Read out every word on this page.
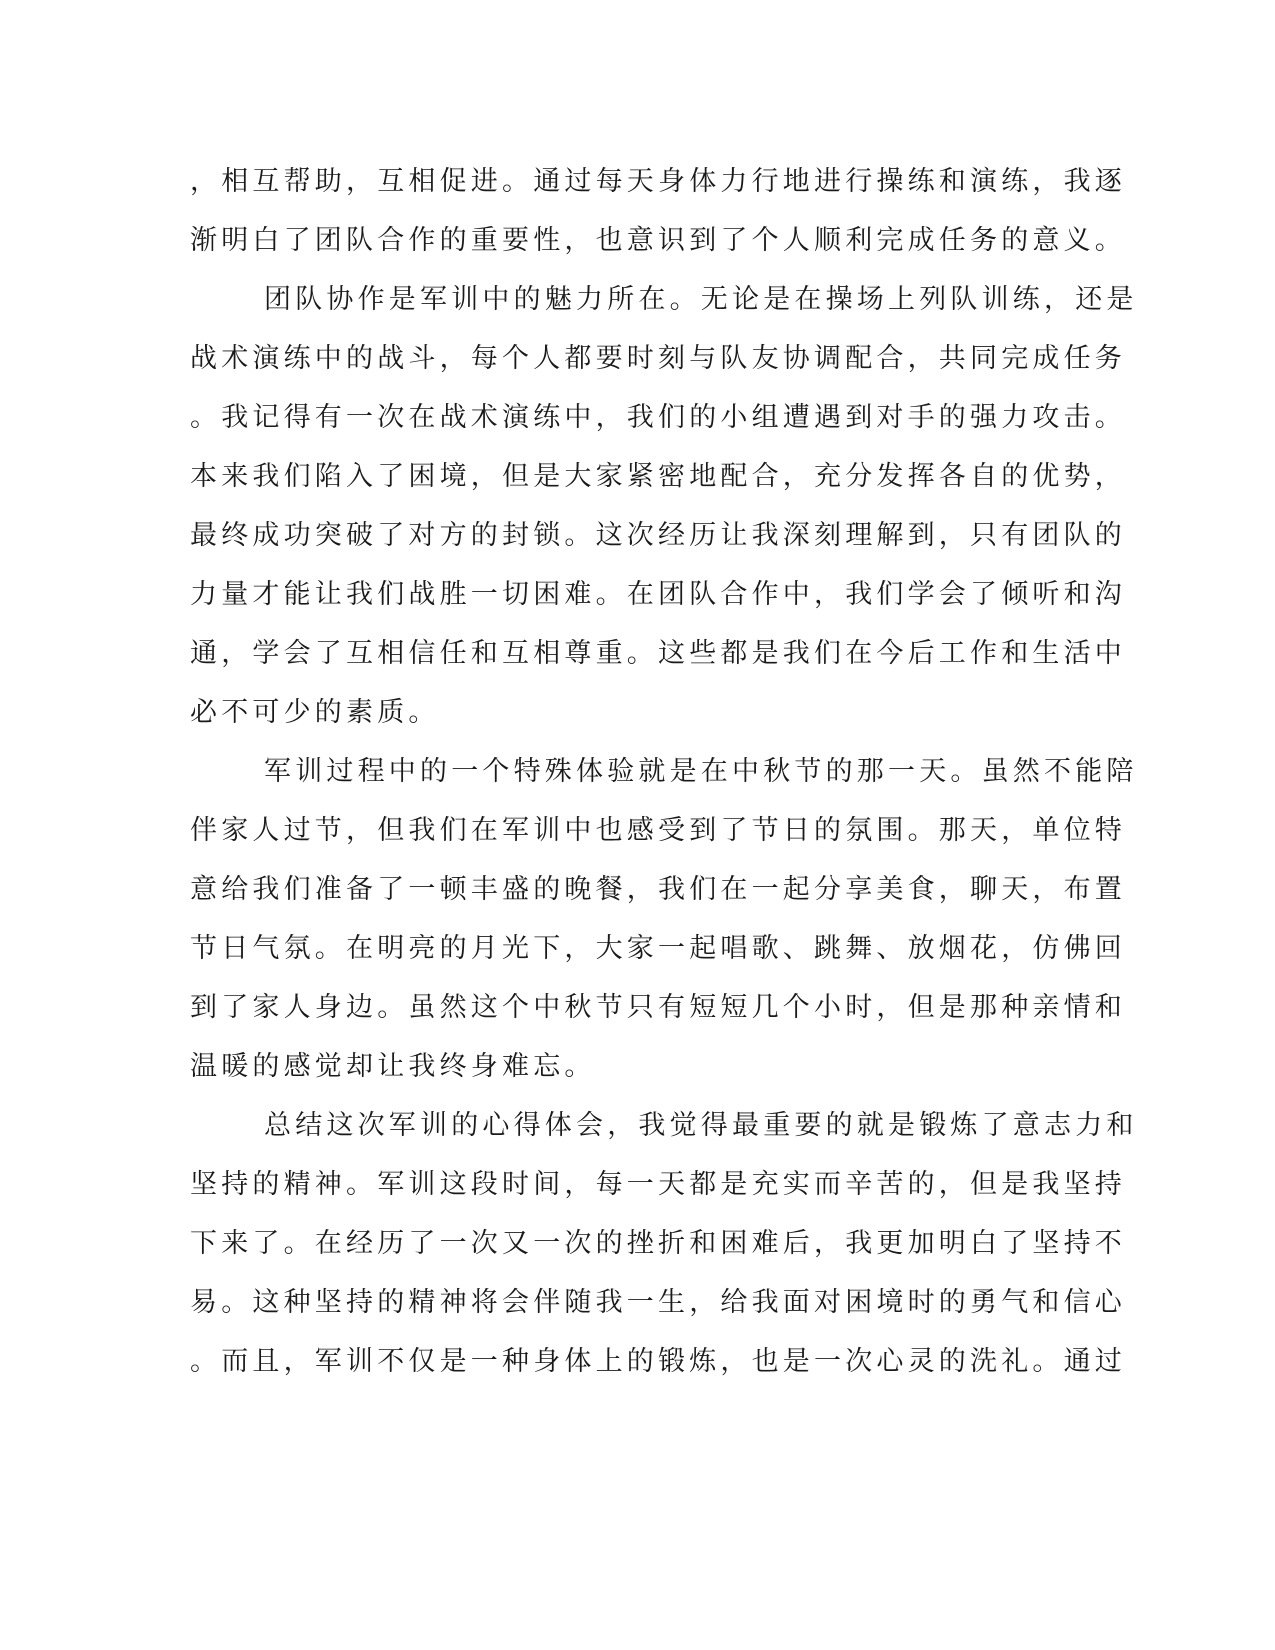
，相互帮助，互相促进。通过每天身体力行地进行操练和演练，我逐
渐明白了团队合作的重要性，也意识到了个人顺利完成任务的意义。
团队协作是军训中的魅力所在。无论是在操场上列队训练，还是
战术演练中的战斗，每个人都要时刻与队友协调配合，共同完成任务
。我记得有一次在战术演练中，我们的小组遭遇到对手的强力攻击。
本来我们陷入了困境，但是大家紧密地配合，充分发挥各自的优势，
最终成功突破了对方的封锁。这次经历让我深刻理解到，只有团队的
力量才能让我们战胜一切困难。在团队合作中，我们学会了倾听和沟
通，学会了互相信任和互相尊重。这些都是我们在今后工作和生活中
必不可少的素质。
军训过程中的一个特殊体验就是在中秋节的那一天。虽然不能陪
伴家人过节，但我们在军训中也感受到了节日的氛围。那天，单位特
意给我们准备了一顿丰盛的晚餐，我们在一起分享美食，聊天，布置
节日气氛。在明亮的月光下，大家一起唱歌、跳舞、放烟花，仿佛回
到了家人身边。虽然这个中秋节只有短短几个小时，但是那种亲情和
温暖的感觉却让我终身难忘。
总结这次军训的心得体会，我觉得最重要的就是锻炼了意志力和
坚持的精神。军训这段时间，每一天都是充实而辛苦的，但是我坚持
下来了。在经历了一次又一次的挫折和困难后，我更加明白了坚持不
易。这种坚持的精神将会伴随我一生，给我面对困境时的勇气和信心
。而且，军训不仅是一种身体上的锻炼，也是一次心灵的洗礼。通过
